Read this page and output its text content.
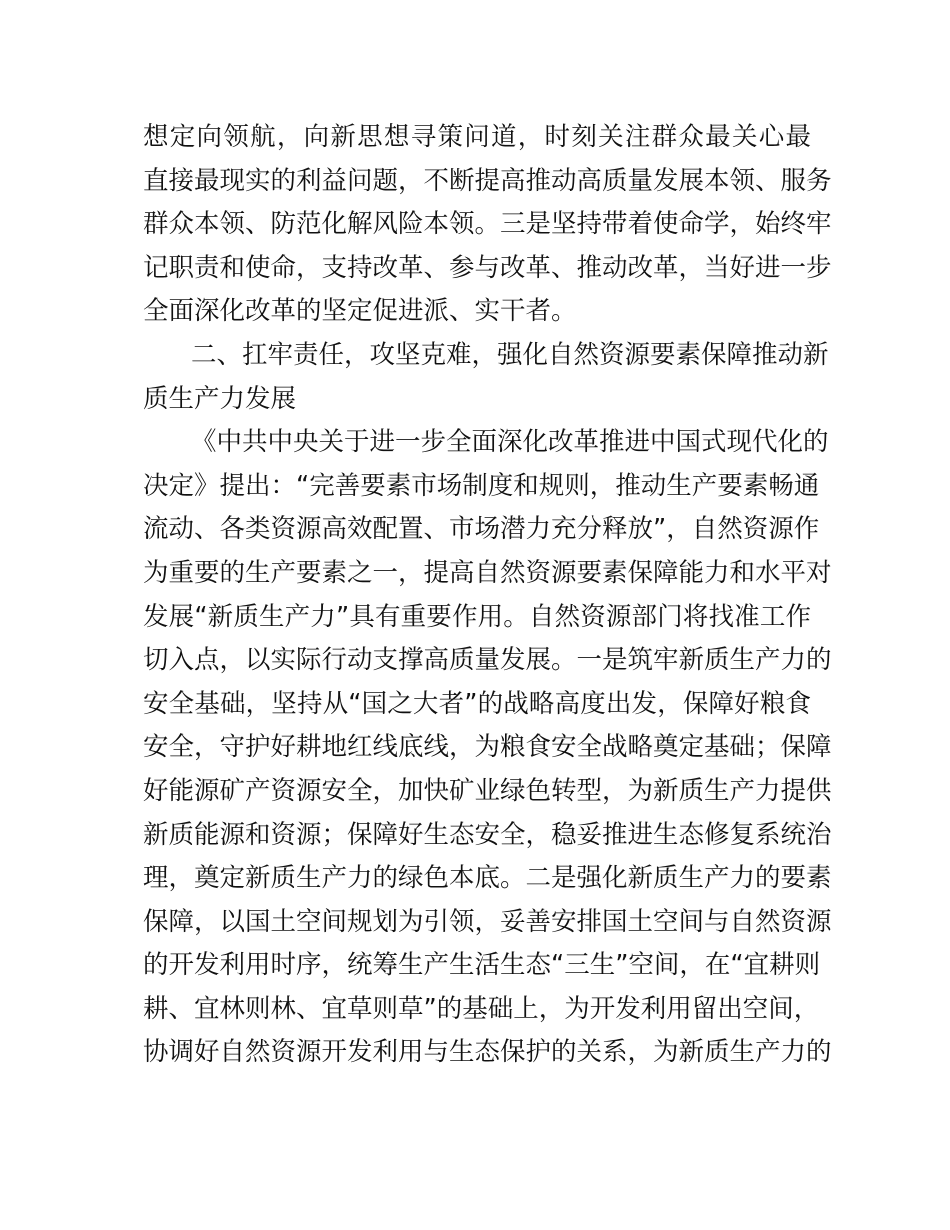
想定向领航，向新思想寻策问道，时刻关注群众最关心最
直接最现实的利益问题，不断提高推动高质量发展本领、服务
群众本领、防范化解风险本领。三是坚持带着使命学，始终牢
记职责和使命，支持改革、参与改革、推动改革，当好进一步
全面深化改革的坚定促进派、实干者。
二、扛牢责任，攻坚克难，强化自然资源要素保障推动新
质生产力发展
《中共中央关于进一步全面深化改革推进中国式现代化的
决定》提出：“完善要素市场制度和规则，推动生产要素畅通
流动、各类资源高效配置、市场潜力充分释放”，自然资源作
为重要的生产要素之一，提高自然资源要素保障能力和水平对
发展“新质生产力”具有重要作用。自然资源部门将找准工作
切入点，以实际行动支撑高质量发展。一是筑牢新质生产力的
安全基础，坚持从“国之大者”的战略高度出发，保障好粮食
安全，守护好耕地红线底线，为粮食安全战略奠定基础；保障
好能源矿产资源安全，加快矿业绿色转型，为新质生产力提供
新质能源和资源；保障好生态安全，稳妥推进生态修复系统治
理，奠定新质生产力的绿色本底。二是强化新质生产力的要素
保障，以国土空间规划为引领，妥善安排国土空间与自然资源
的开发利用时序，统筹生产生活生态“三生”空间，在“宜耕则
耕、宜林则林、宜草则草”的基础上，为开发利用留出空间，
协调好自然资源开发利用与生态保护的关系，为新质生产力的
